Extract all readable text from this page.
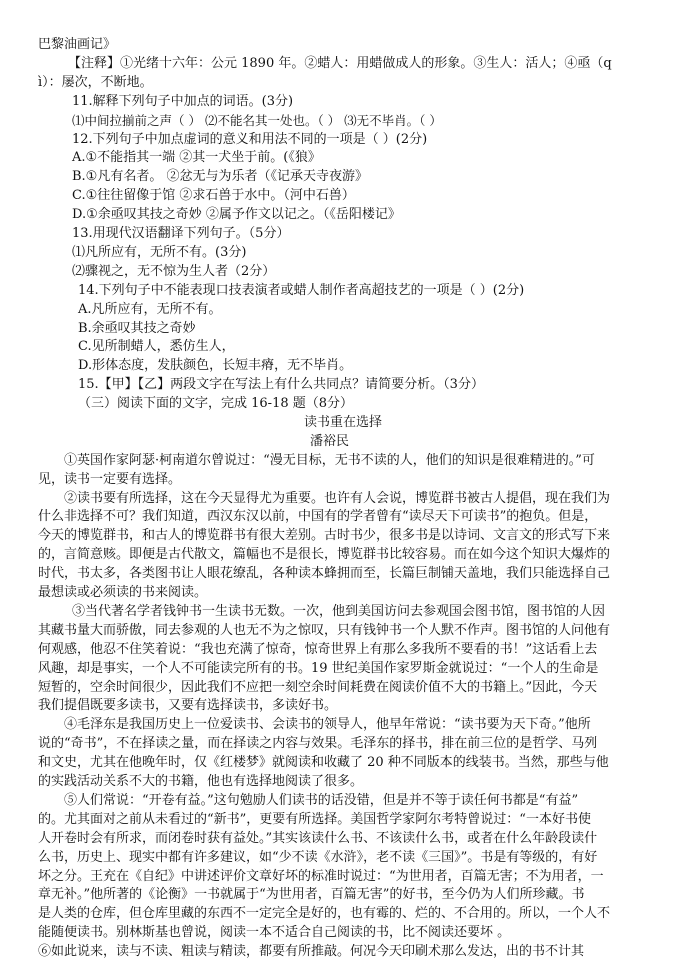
巴黎油画记》
【注释】①光绪十六年：公元 1890 年。②蜡人：用蜡做成人的形象。③生人：活人；④亟（q
ì）：屡次，不断地。
11.解释下列句子中加点的词语。(3分)
⑴中间拉揃前之声（ ） ⑵不能名其一处也。（ ） ⑶无不毕肖。（ ）
12.下列句子中加点虚词的意义和用法不同的一项是（ ）(2分)
A.①不能指其一端 ②其一犬坐于前。(《狼》
B.①凡有名者。 ②忿无与为乐者（《记承天寺夜游》
C.①往往留像于馆 ②求石兽于水中。（河中石兽）
D.①余亟叹其技之奇妙 ②属予作文以记之。（《岳阳楼记》
13.用现代汉语翻译下列句子。（5分）
⑴凡所应有，无所不有。(3分)
⑵骤视之，无不惊为生人者（2分）
14.下列句子中不能表现口技表演者或蜡人制作者高超技艺的一项是（ ）(2分)
A.凡所应有，无所不有。
B.余亟叹其技之奇妙
C.见所制蜡人，悉仿生人，
D.形体态度，发肤颜色，长短丰瘠，无不毕肖。
15.【甲】【乙】两段文字在写法上有什么共同点？请简要分析。（3分）
（三）阅读下面的文字，完成 16-18 题（8分）
读书重在选择
潘裕民
①英国作家阿瑟·柯南道尔曾说过：“漫无目标，无书不读的人，他们的知识是很难精进的。”可
见，读书一定要有选择。
②读书要有所选择，这在今天显得尤为重要。也许有人会说，博览群书被古人提倡，现在我们为
什么非选择不可？我们知道，西汉东汉以前，中国有的学者曾有“读尽天下可读书”的抱负。但是，
今天的博览群书，和古人的博览群书有很大差别。古时书少，很多书是以诗词、文言文的形式写下来
的，言简意赅。即便是古代散文，篇幅也不是很长，博览群书比较容易。而在如今这个知识大爆炸的
时代，书太多，各类图书让人眼花缭乱，各种读本蜂拥而至，长篇巨制铺天盖地，我们只能选择自己
最想读或必须读的书来阅读。
③当代著名学者钱钟书一生读书无数。一次，他到美国访问去参观国会图书馆，图书馆的人因
其藏书量大而骄傲，同去参观的人也无不为之惊叹，只有钱钟书一个人默不作声。图书馆的人问他有
何观感，他忍不住笑着说：“我也充满了惊奇，惊奇世界上有那么多我所不要看的书！”这话看上去
风趣，却是事实，一个人不可能读完所有的书。19 世纪美国作家罗斯金就说过：“一个人的生命是
短暂的，空余时间很少，因此我们不应把一刻空余时间耗费在阅读价值不大的书籍上。”因此，今天
我们提倡既要多读书，又要有选择读书，多读好书。
④毛泽东是我国历史上一位爱读书、会读书的领导人，他早年常说：“读书要为天下奇。”他所
说的“奇书”，不在择读之量，而在择读之内容与效果。毛泽东的择书，排在前三位的是哲学、马列
和文史，尤其在他晚年时，仅《红楼梦》就阅读和收藏了 20 种不同版本的线装书。当然，那些与他
的实践活动关系不大的书籍，他也有选择地阅读了很多。
⑤人们常说：“开卷有益。”这句勉励人们读书的话没错，但是并不等于读任何书都是“有益”
的。尤其面对之前从未看过的“新书”，更要有所选择。美国哲学家阿尔考特曾说过：“一本好书使
人开卷时会有所求，而闭卷时获有益处。”其实该读什么书、不该读什么书，或者在什么年龄段读什
么书，历史上、现实中都有许多建议，如“少不读《水浒》，老不读《三国》”。书是有等级的，有好
坏之分。王充在《自纪》中讲述评价文章好坏的标准时说过：“为世用者，百篇无害；不为用者，一
章无补。”他所著的《论衡》一书就属于“为世用者，百篇无害”的好书，至今仍为人们所珍藏。书
是人类的仓库，但仓库里藏的东西不一定完全是好的，也有霉的、烂的、不合用的。所以，一个人不
能随便读书。别林斯基也曾说，阅读一本不适合自己阅读的书，比不阅读还要坏 。
⑥如此说来，读与不读、粗读与精读，都要有所推敲。何况今天印刷术那么发达，出的书不计其
